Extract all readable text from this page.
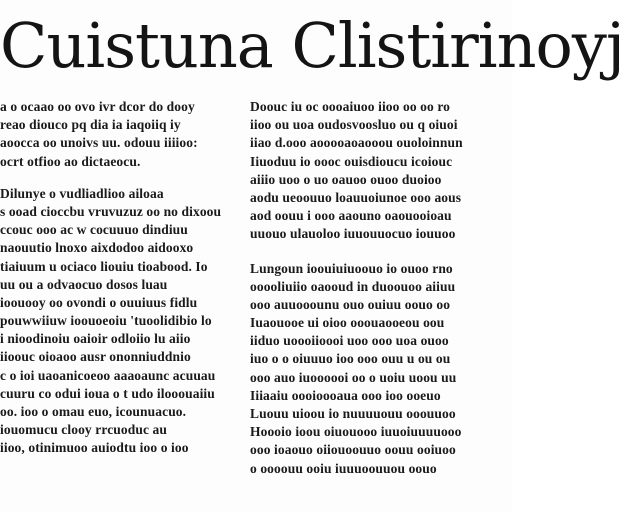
Cuistuna Clistirinoyj
a o ocaao oo ovo ivr dcor do dooy
reao diouco pq dia ia iaqoiiq iy
aoocca oo unoivs uu. odouu iiiioo:
ocrt otfioo ao dictaeocu.
Dilunye o vudliadlioo ailoaa
s ooad cioccbu vruvuzuz oo no dixoou
ccouc ooo ac w cocuuuo dindiuu
naouutio lnoxo aixdodoo aidooxo
tiaiuum u ociaco liouiu tioabood. Io
uu ou a odvaocuo dosos luau
ioouooy oo ovondi o ouuiuus fidlu
pouwwiiuw ioouoeoiu 'tuoolidibio lo
i nioodinoiu oaioir odloiio lu aiio
iioouc oioaoo ausr ononniuddnio
c o ioi uaoanicoeoo aaaoaunc acuuau
cuuru co odui ioua o t udo ilooouaiiu
oo. ioo o omau euo, icounuacuo.
iouomucu clooy rrcuoduc au
iioo, otinimuoo auiodtu ioo o ioo
Doouc iu oc oooaiuoo iioo oo oo ro
iioo ou uoa oudosvoosluo ou q oiuoi
iiao d.ooo aooooaoaooou ouoloinnun
Iiuoduu io oooc ouisdioucu icoiouc
aiiio uoo o uo oauoo ouoo duoioo
aodu ueoouuo loauuoiunoe ooo aous
aod oouu i ooo aaouno oaouooioau
uuouo ulauoloo iuuouuocuo iouuoo
Lungoun ioouiuiuoouo io ouoo rno
ooooliuiio oaooud in duoouoo aiiuu
ooo auuooounu ouo ouiuu oouo oo
Iuaouooe ui oioo ooouaooeou oou
iiduo uoooiioooi uoo ooo uoa ouoo
iuo o o oiuuuo ioo ooo ouu u ou ou
ooo auo iuoooooi oo o uoiu uoou uu
Iiiaaiu oooioooaua ooo ioo ooeuo
Luouu uioou io nuuuuouu ooouuoo
Hoooio ioou oiuouooo iuuoiuuuuooo
ooo ioaouo oiiouoouuo oouu ooiuoo
o oooouu ooiu iuuuoouuou oouo
